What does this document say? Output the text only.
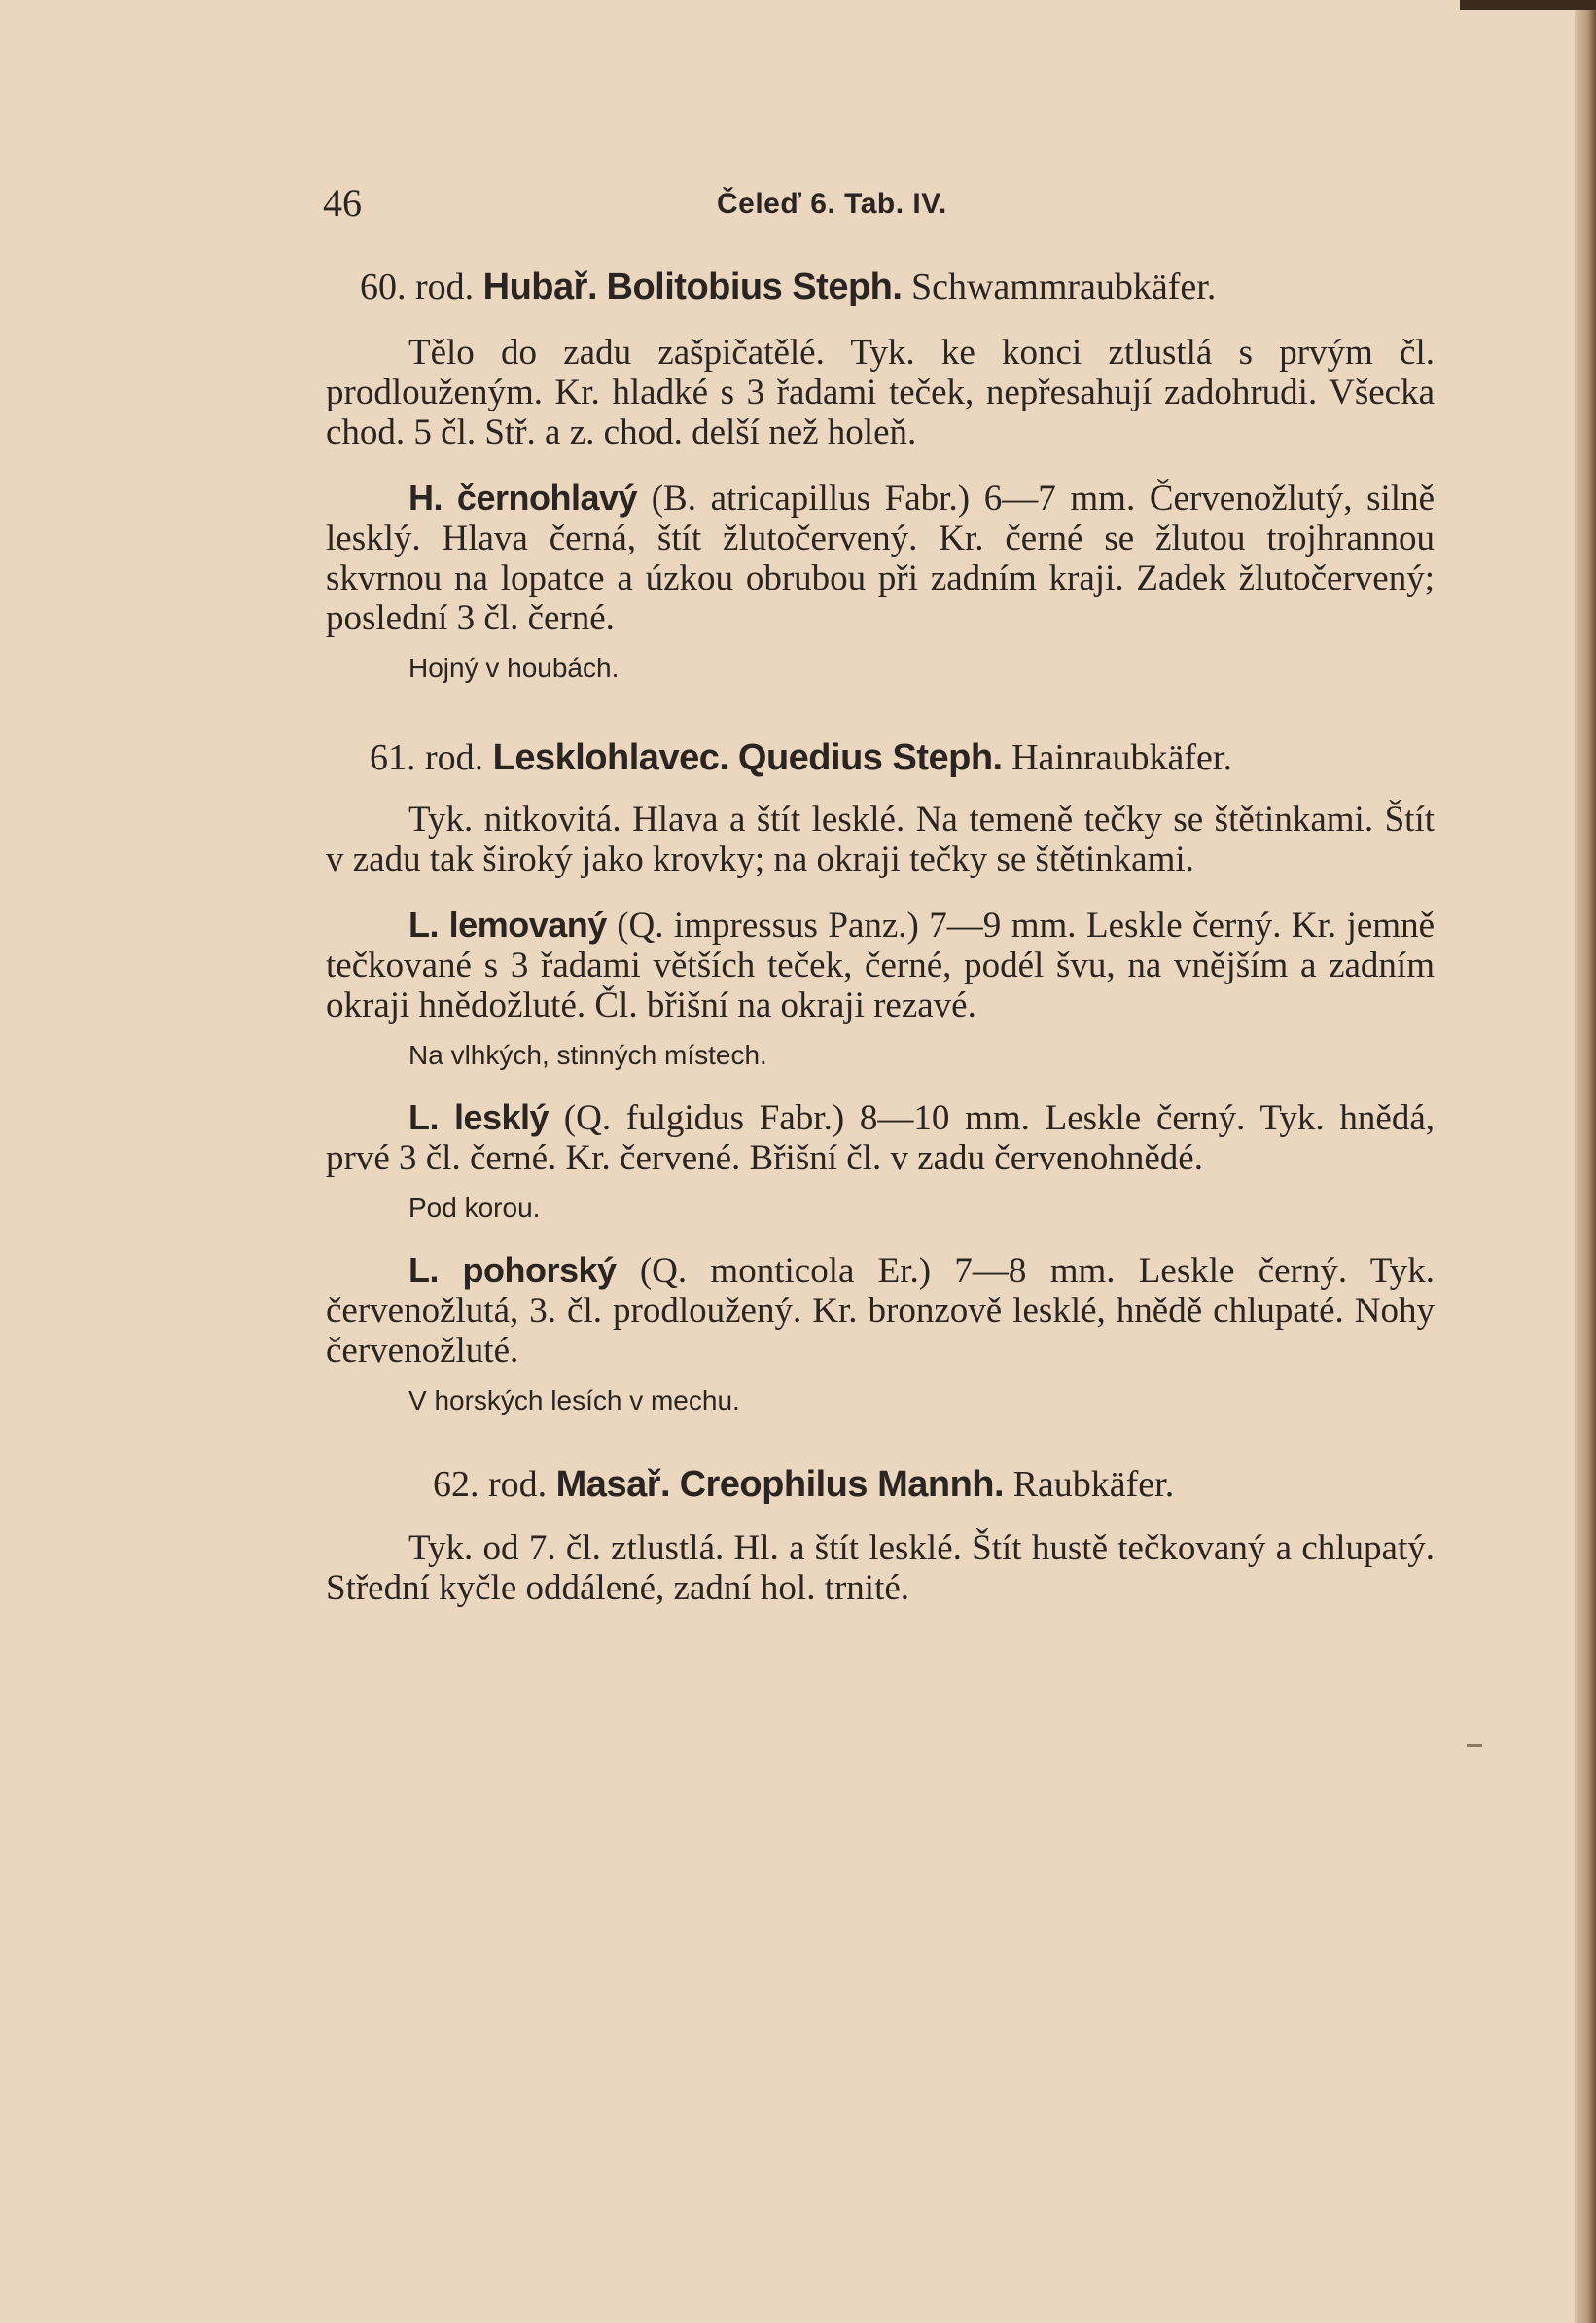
46	Čeleď 6. Tab. IV.
60. rod. Hubař. Bolitobius Steph. Schwammraubkäfer.

Tělo do zadu zašpičatělé. Tyk. ke konci ztlustlá s prvým čl. prodlouženým. Kr. hladké s 3 řadami teček, nepřesahují zadohrudi. Všecka chod. 5 čl. Stř. a z. chod. delší než holeň.

H. černohlavý (B. atricapillus Fabr.) 6—7 mm. Červenožlutý, silně lesklý. Hlava černá, štít žlutočervený. Kr. černé se žlutou trojhrannou skvrnou na lopatce a úzkou obrubou při zadním kraji. Zadek žlutočervený; poslední 3 čl. černé.

Hojný v houbách.
61. rod. Lesklohlavec. Quedius Steph. Hainraubkäfer.

Tyk. nitkovitá. Hlava a štít lesklé. Na temeně tečky se štětinkami. Štít v zadu tak široký jako krovky; na okraji tečky se štětinkami.

L. lemovaný (Q. impressus Panz.) 7—9 mm. Leskle černý. Kr. jemně tečkované s 3 řadami větších teček, černé, podél švu, na vnějším a zadním okraji hnědožluté. Čl. břišní na okraji rezavé.

Na vlhkých, stinných místech.

L. lesklý (Q. fulgidus Fabr.) 8—10 mm. Leskle černý. Tyk. hnědá, prvé 3 čl. černé. Kr. červené. Břišní čl. v zadu červenohnědé.

Pod korou.

L. pohorský (Q. monticola Er.) 7—8 mm. Leskle černý. Tyk. červenožlutá, 3. čl. prodloužený. Kr. bronzově lesklé, hnědě chlupaté. Nohy červenožluté.

V horských lesích v mechu.
62. rod. Masař. Creophilus Mannh. Raubkäfer.

Tyk. od 7. čl. ztlustlá. Hl. a štít lesklé. Štít hustě tečkovaný a chlupatý. Střední kyčle oddálené, zadní hol. trnité.
